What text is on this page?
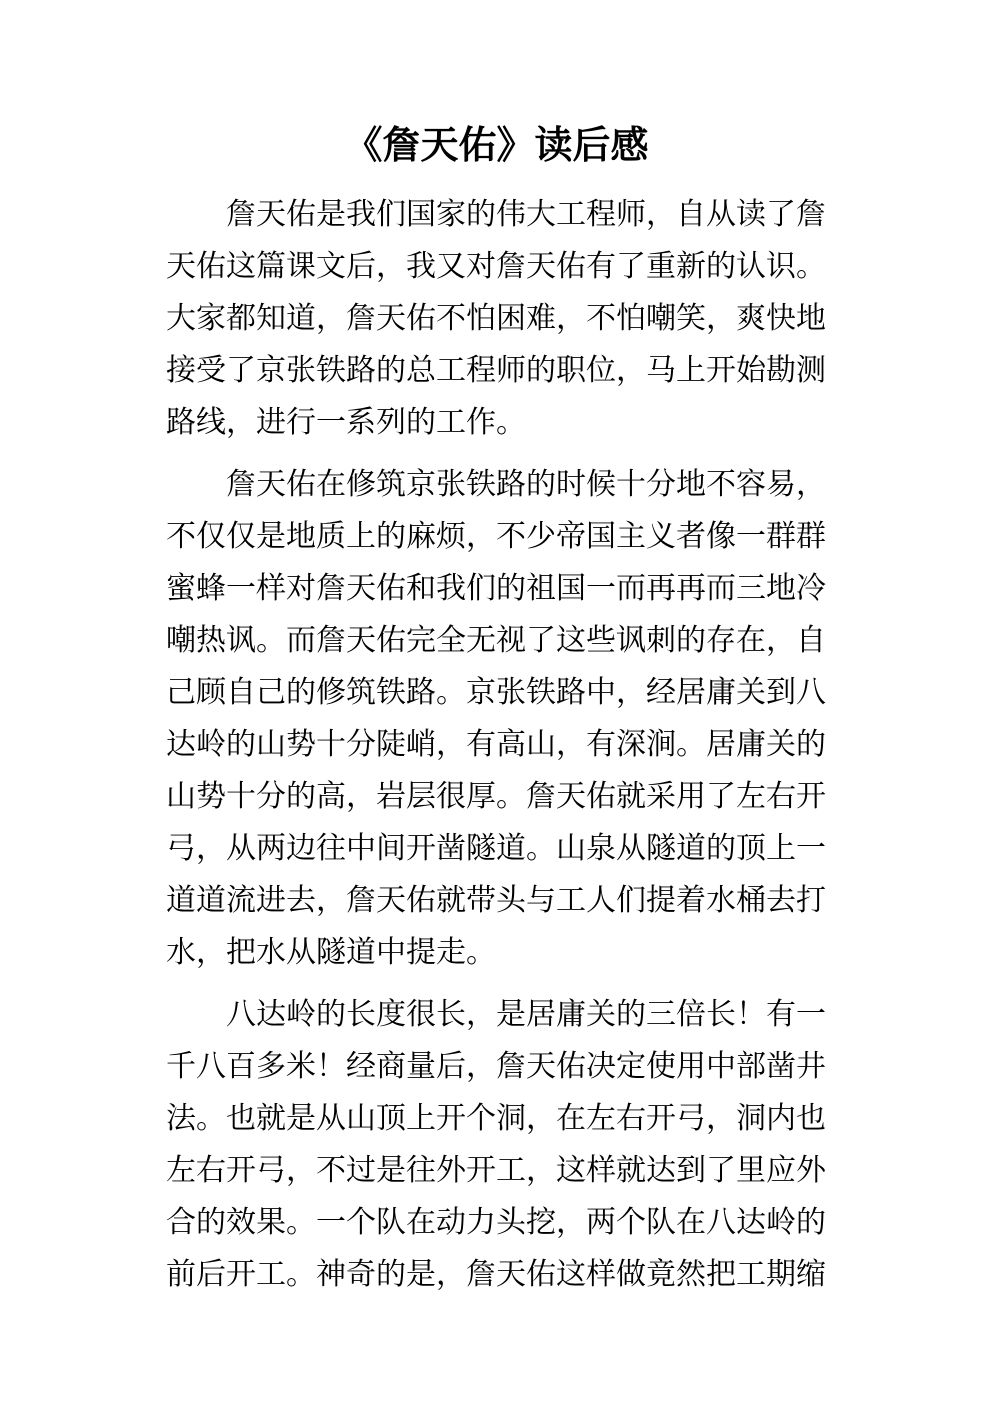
《詹天佑》读后感
　　詹天佑是我们国家的伟大工程师，自从读了詹
天佑这篇课文后，我又对詹天佑有了重新的认识。
大家都知道，詹天佑不怕困难，不怕嘲笑，爽快地
接受了京张铁路的总工程师的职位，马上开始勘测
路线，进行一系列的工作。
　　詹天佑在修筑京张铁路的时候十分地不容易，
不仅仅是地质上的麻烦，不少帝国主义者像一群群
蜜蜂一样对詹天佑和我们的祖国一而再再而三地冷
嘲热讽。而詹天佑完全无视了这些讽刺的存在，自
己顾自己的修筑铁路。京张铁路中，经居庸关到八
达岭的山势十分陡峭，有高山，有深涧。居庸关的
山势十分的高，岩层很厚。詹天佑就采用了左右开
弓，从两边往中间开凿隧道。山泉从隧道的顶上一
道道流进去，詹天佑就带头与工人们提着水桶去打
水，把水从隧道中提走。
　　八达岭的长度很长，是居庸关的三倍长！有一
千八百多米！经商量后，詹天佑决定使用中部凿井
法。也就是从山顶上开个洞，在左右开弓，洞内也
左右开弓，不过是往外开工，这样就达到了里应外
合的效果。一个队在动力头挖，两个队在八达岭的
前后开工。神奇的是，詹天佑这样做竟然把工期缩
